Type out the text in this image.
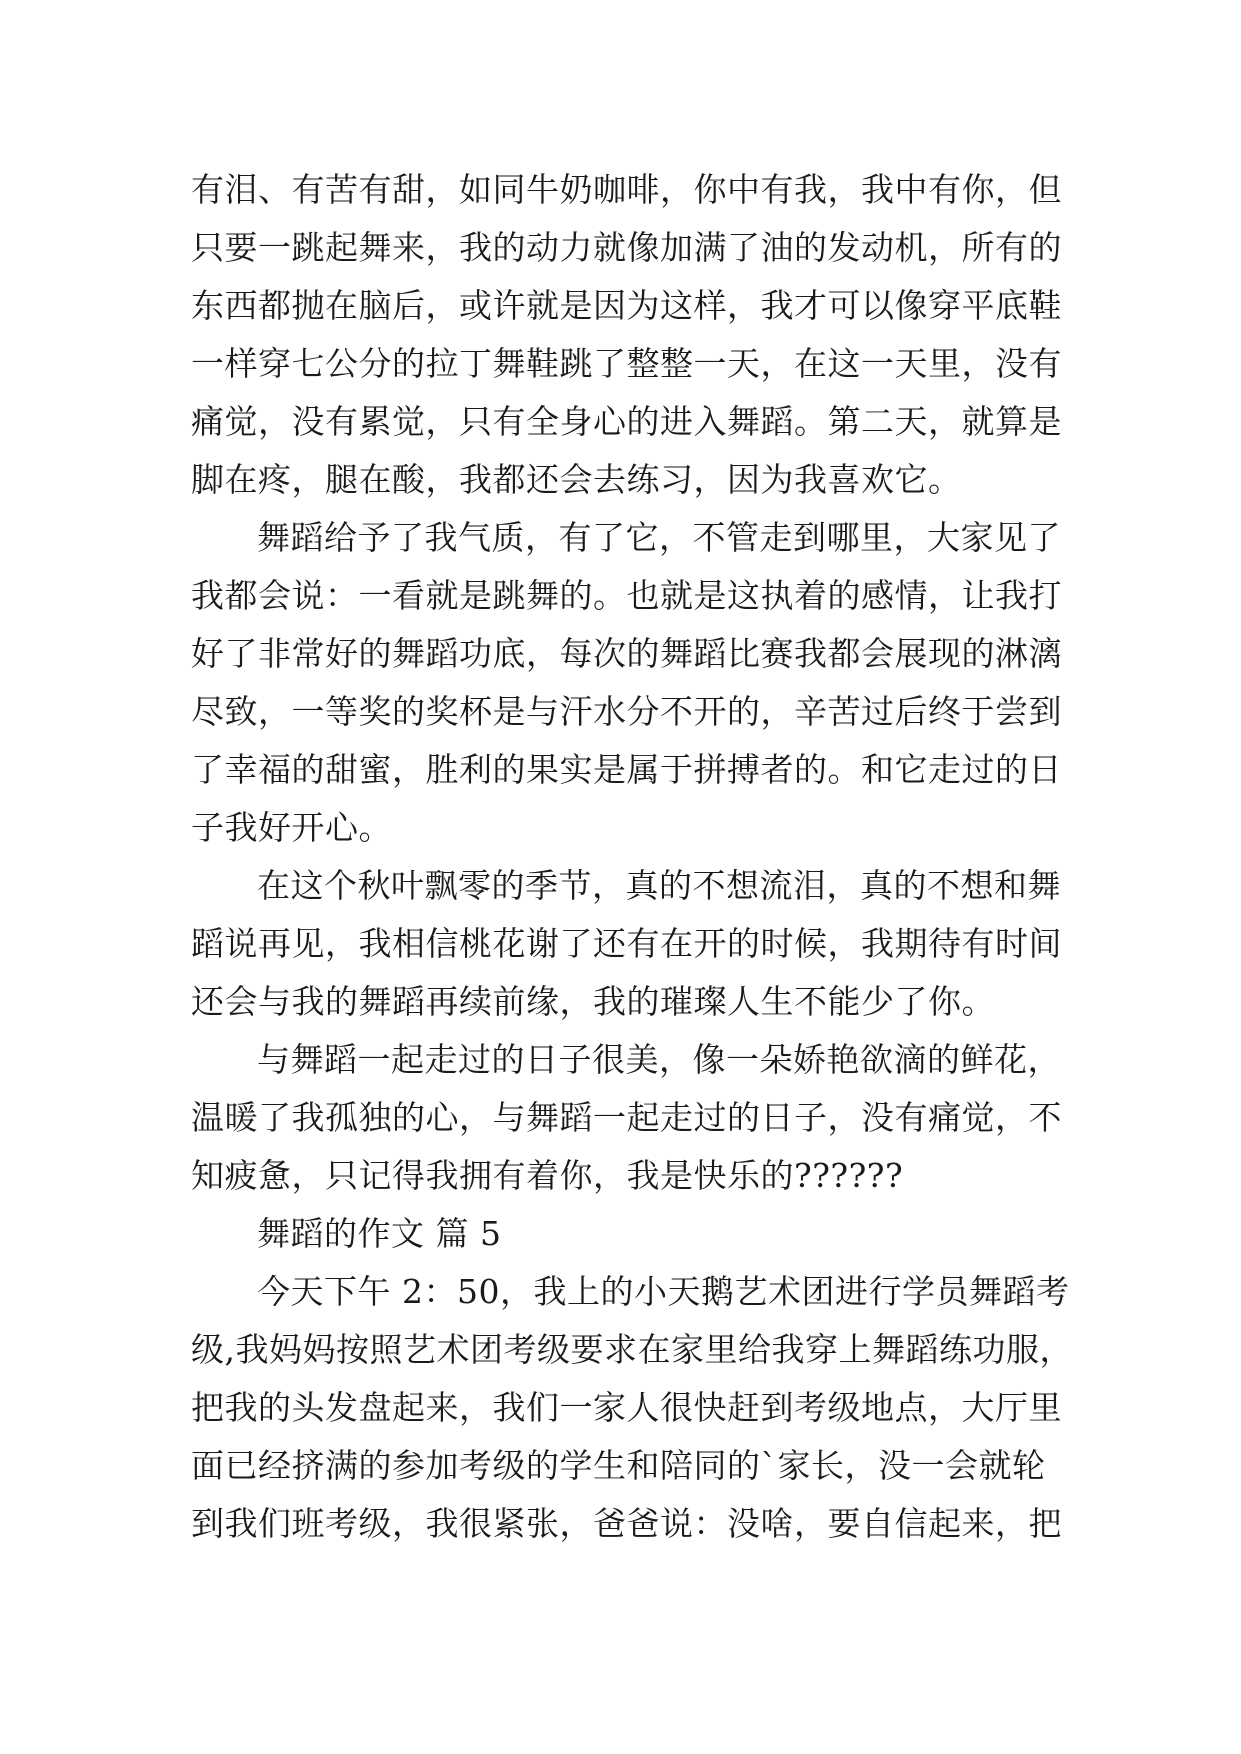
有泪、有苦有甜，如同牛奶咖啡，你中有我，我中有你，但
只要一跳起舞来，我的动力就像加满了油的发动机，所有的
东西都抛在脑后，或许就是因为这样，我才可以像穿平底鞋
一样穿七公分的拉丁舞鞋跳了整整一天，在这一天里，没有
痛觉，没有累觉，只有全身心的进入舞蹈。第二天，就算是
脚在疼，腿在酸，我都还会去练习，因为我喜欢它。
舞蹈给予了我气质，有了它，不管走到哪里，大家见了
我都会说：一看就是跳舞的。也就是这执着的感情，让我打
好了非常好的舞蹈功底，每次的舞蹈比赛我都会展现的淋漓
尽致，一等奖的奖杯是与汗水分不开的，辛苦过后终于尝到
了幸福的甜蜜，胜利的果实是属于拼搏者的。和它走过的日
子我好开心。
在这个秋叶飘零的季节，真的不想流泪，真的不想和舞
蹈说再见，我相信桃花谢了还有在开的时候，我期待有时间
还会与我的舞蹈再续前缘，我的璀璨人生不能少了你。
与舞蹈一起走过的日子很美，像一朵娇艳欲滴的鲜花，
温暖了我孤独的心，与舞蹈一起走过的日子，没有痛觉，不
知疲惫，只记得我拥有着你，我是快乐的??????
舞蹈的作文 篇 5
今天下午 2：50，我上的小天鹅艺术团进行学员舞蹈考
级,我妈妈按照艺术团考级要求在家里给我穿上舞蹈练功服，
把我的头发盘起来，我们一家人很快赶到考级地点，大厅里
面已经挤满的参加考级的学生和陪同的`家长，没一会就轮
到我们班考级，我很紧张，爸爸说：没啥，要自信起来，把
